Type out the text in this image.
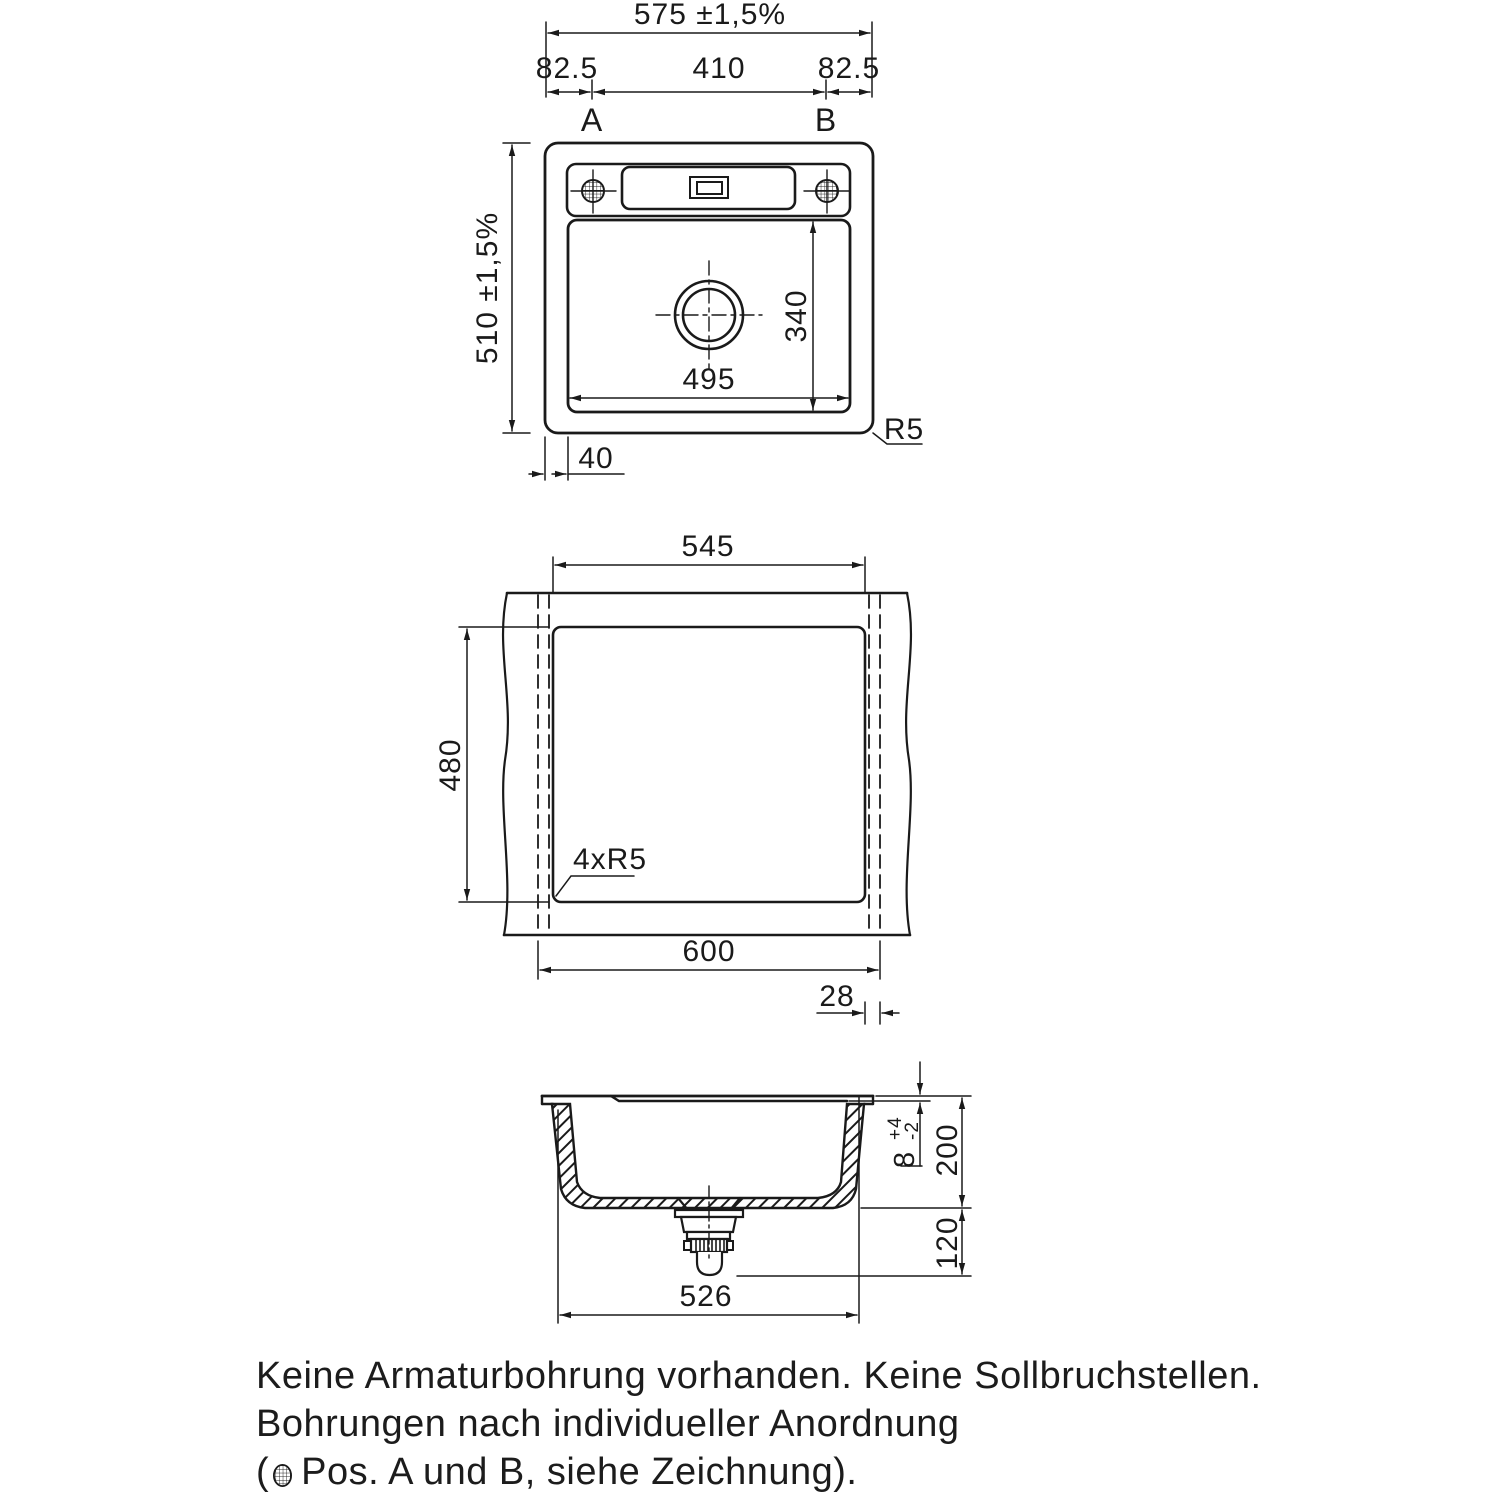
575 ±1,5%
82.5	410 82.5
A	B
510 ±1,5%	340
495
R5
40
545
480
4xR5
600
28
526
200
120
8
+4
-2
Keine Armaturbohrung vorhanden. Keine Sollbruchstellen.
Bohrungen nach individueller Anordnung
( Pos. A und B, siehe Zeichnung).
